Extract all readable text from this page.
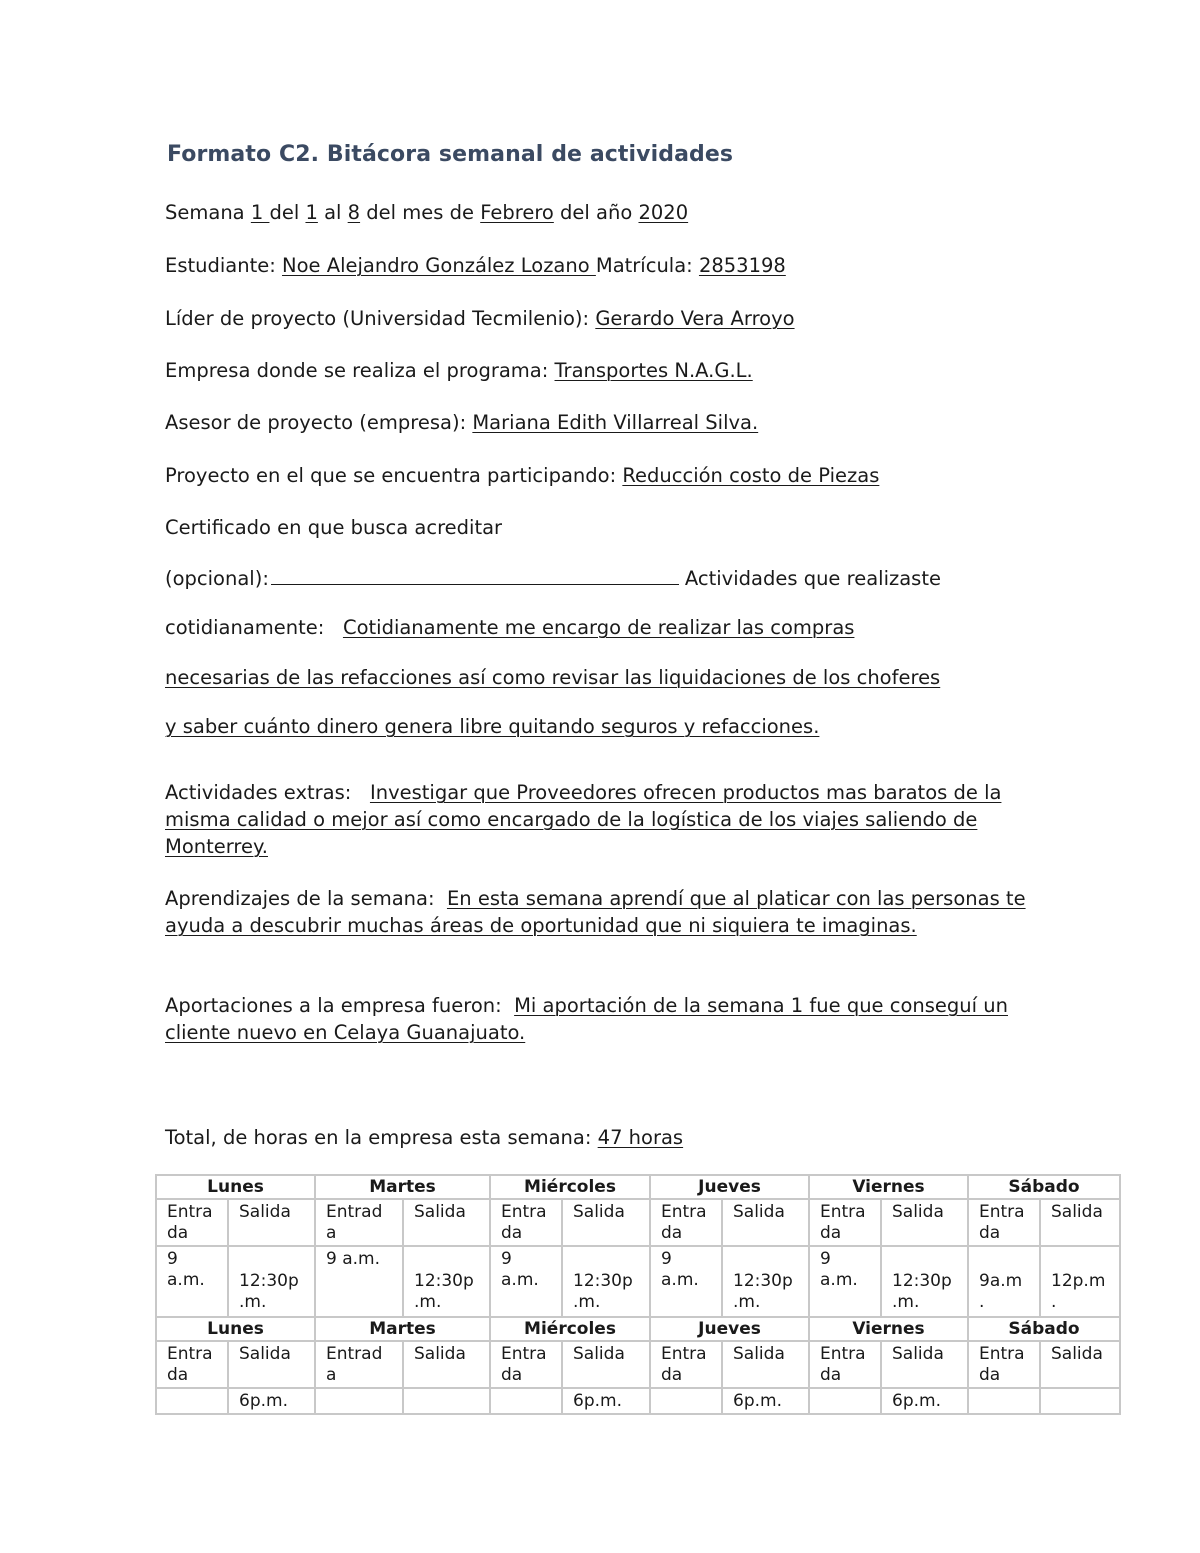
Formato C2. Bitácora semanal de actividades

Semana 1 del 1 al 8 del mes de Febrero del año 2020

Estudiante: Noe Alejandro González Lozano Matrícula: 2853198

Líder de proyecto (Universidad Tecmilenio): Gerardo Vera Arroyo

Empresa donde se realiza el programa: Transportes N.A.G.L.

Asesor de proyecto (empresa): Mariana Edith Villarreal Silva.

Proyecto en el que se encuentra participando: Reducción costo de Piezas

Certificado en que busca acreditar

(opcional):	Actividades que realizaste

cotidianamente: Cotidianamente me encargo de realizar las compras

necesarias de las refacciones así como revisar las liquidaciones de los choferes

y saber cuánto dinero genera libre quitando seguros y refacciones.

Actividades extras: Investigar que Proveedores ofrecen productos mas baratos de la misma calidad o mejor así como encargado de la logística de los viajes saliendo de Monterrey.

Aprendizajes de la semana: En esta semana aprendí que al platicar con las personas te ayuda a descubrir muchas áreas de oportunidad que ni siquiera te imaginas.

Aportaciones a la empresa fueron: Mi aportación de la semana 1 fue que conseguí un cliente nuevo en Celaya Guanajuato.

Total, de horas en la empresa esta semana: 47 horas

Lunes		Martes		Miércoles		Jueves		Viernes		Sábado	
Entra da	Salida	Entrad a	Salida	Entra da	Salida	Entra da	Salida	Entra da	Salida	Entra da	Salida
9 a.m.	12:30p .m.	9 a.m.	12:30p .m.	9 a.m.	12:30p .m.	9 a.m.	12:30p .m.	9 a.m.	12:30p .m.	9a.m .	12p.m .

Lunes		Martes		Miércoles		Jueves		Viernes		Sábado	
Entra da	Salida	Entrad a	Salida	Entra da	Salida	Entra da	Salida	Entra da	Salida	Entra da	Salida
	6p.m.				6p.m.		6p.m.		6p.m.		
